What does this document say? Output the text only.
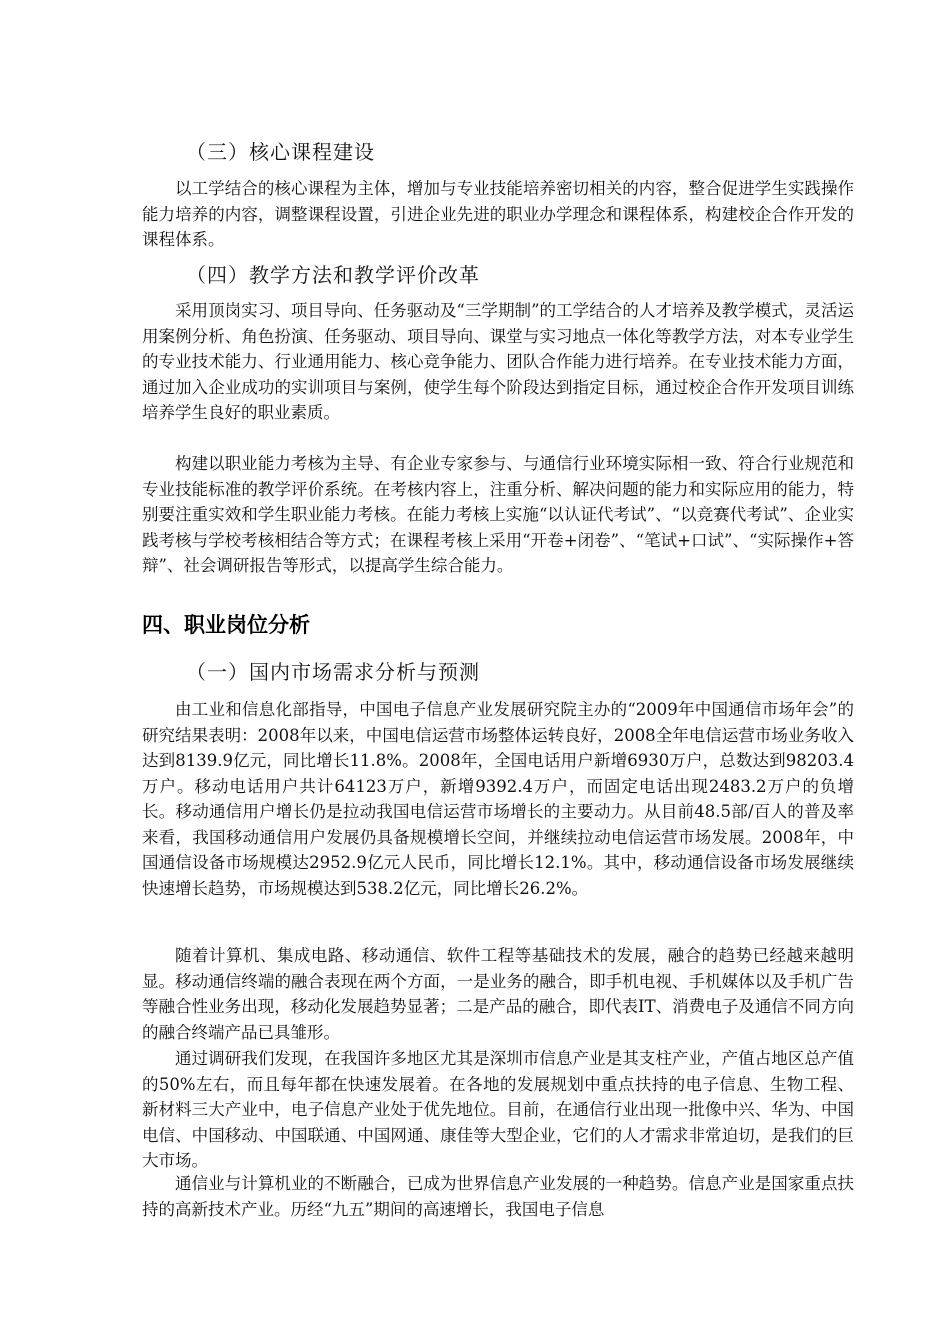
（三）核心课程建设
以工学结合的核心课程为主体，增加与专业技能培养密切相关的内容，整合促进学生实践操作能力培养的内容，调整课程设置，引进企业先进的职业办学理念和课程体系，构建校企合作开发的课程体系。
（四）教学方法和教学评价改革
采用顶岗实习、项目导向、任务驱动及“三学期制”的工学结合的人才培养及教学模式，灵活运用案例分析、角色扮演、任务驱动、项目导向、课堂与实习地点一体化等教学方法，对本专业学生的专业技术能力、行业通用能力、核心竞争能力、团队合作能力进行培养。在专业技术能力方面，通过加入企业成功的实训项目与案例，使学生每个阶段达到指定目标，通过校企合作开发项目训练培养学生良好的职业素质。
构建以职业能力考核为主导、有企业专家参与、与通信行业环境实际相一致、符合行业规范和专业技能标准的教学评价系统。在考核内容上，注重分析、解决问题的能力和实际应用的能力，特别要注重实效和学生职业能力考核。在能力考核上实施“以认证代考试”、“以竞赛代考试”、企业实践考核与学校考核相结合等方式；在课程考核上采用“开卷+闭卷”、“笔试+口试”、“实际操作+答辩”、社会调研报告等形式，以提高学生综合能力。
四、职业岗位分析
（一）国内市场需求分析与预测
由工业和信息化部指导，中国电子信息产业发展研究院主办的“2009年中国通信市场年会”的研究结果表明：2008年以来，中国电信运营市场整体运转良好，2008全年电信运营市场业务收入达到8139.9亿元，同比增长11.8%。2008年，全国电话用户新增6930万户，总数达到98203.4万户。移动电话用户共计64123万户，新增9392.4万户，而固定电话出现2483.2万户的负增长。移动通信用户增长仍是拉动我国电信运营市场增长的主要动力。从目前48.5部/百人的普及率来看，我国移动通信用户发展仍具备规模增长空间，并继续拉动电信运营市场发展。2008年，中国通信设备市场规模达2952.9亿元人民币，同比增长12.1%。其中，移动通信设备市场发展继续快速增长趋势，市场规模达到538.2亿元，同比增长26.2%。
随着计算机、集成电路、移动通信、软件工程等基础技术的发展，融合的趋势已经越来越明显。移动通信终端的融合表现在两个方面，一是业务的融合，即手机电视、手机媒体以及手机广告等融合性业务出现，移动化发展趋势显著；二是产品的融合，即代表IT、消费电子及通信不同方向的融合终端产品已具雏形。
通过调研我们发现，在我国许多地区尤其是深圳市信息产业是其支柱产业，产值占地区总产值的50%左右，而且每年都在快速发展着。在各地的发展规划中重点扶持的电子信息、生物工程、新材料三大产业中，电子信息产业处于优先地位。目前，在通信行业出现一批像中兴、华为、中国电信、中国移动、中国联通、中国网通、康佳等大型企业，它们的人才需求非常迫切，是我们的巨大市场。
通信业与计算机业的不断融合，已成为世界信息产业发展的一种趋势。信息产业是国家重点扶持的高新技术产业。历经“九五”期间的高速增长，我国电子信息
